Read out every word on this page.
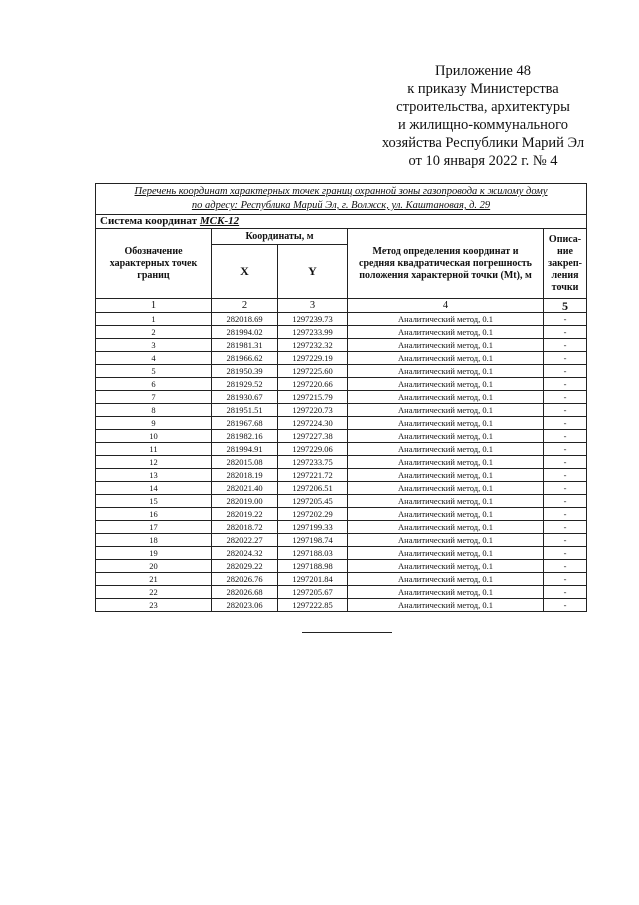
Приложение 48
к приказу Министерства
строительства, архитектуры
и жилищно-коммунального
хозяйства Республики Марий Эл
от 10 января 2022 г. № 4
Перечень координат характерных точек границ охранной зоны газопровода к жилому дому
по адресу: Республика Марий Эл, г. Волжск, ул. Каштановая, д. 29				

Система координат МСК-12				
Обозначение характерных точек границ	Координаты, м		Метод определения координат и средняя квадратическая погрешность положения характерной точки (Mt), м	Описа-ние закреп-ления точки
	X	Y		
1	2	3	4	5
1	282018.69	1297239.73	Аналитический метод, 0.1	-
2	281994.02	1297233.99	Аналитический метод, 0.1	-
3	281981.31	1297232.32	Аналитический метод, 0.1	-
4	281966.62	1297229.19	Аналитический метод, 0.1	-
5	281950.39	1297225.60	Аналитический метод, 0.1	-
6	281929.52	1297220.66	Аналитический метод, 0.1	-
7	281930.67	1297215.79	Аналитический метод, 0.1	-
8	281951.51	1297220.73	Аналитический метод, 0.1	-
9	281967.68	1297224.30	Аналитический метод, 0.1	-
10	281982.16	1297227.38	Аналитический метод, 0.1	-
11	281994.91	1297229.06	Аналитический метод, 0.1	-
12	282015.08	1297233.75	Аналитический метод, 0.1	-
13	282018.19	1297221.72	Аналитический метод, 0.1	-
14	282021.40	1297206.51	Аналитический метод, 0.1	-
15	282019.00	1297205.45	Аналитический метод, 0.1	-
16	282019.22	1297202.29	Аналитический метод, 0.1	-
17	282018.72	1297199.33	Аналитический метод, 0.1	-
18	282022.27	1297198.74	Аналитический метод, 0.1	-
19	282024.32	1297188.03	Аналитический метод, 0.1	-
20	282029.22	1297188.98	Аналитический метод, 0.1	-
21	282026.76	1297201.84	Аналитический метод, 0.1	-
22	282026.68	1297205.67	Аналитический метод, 0.1	-
23	282023.06	1297222.85	Аналитический метод, 0.1	-
